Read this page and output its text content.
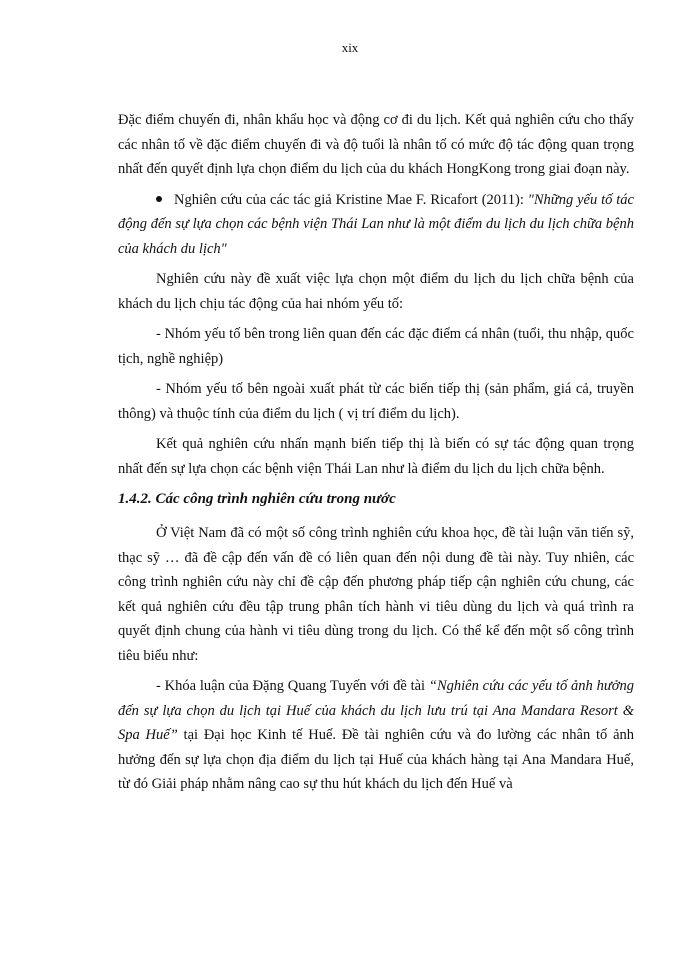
xix

Đặc điểm chuyến đi, nhân khẩu học và động cơ đi du lịch. Kết quả nghiên cứu cho thấy các nhân tố về đặc điểm chuyến đi và độ tuổi là nhân tố có mức độ tác động quan trọng nhất đến quyết định lựa chọn điểm du lịch của du khách HongKong trong giai đoạn này.

Nghiên cứu của các tác giả Kristine Mae F. Ricafort (2011): "Những yếu tố tác động đến sự lựa chọn các bệnh viện Thái Lan như là một điểm du lịch du lịch chữa bệnh của khách du lịch"

Nghiên cứu này đề xuất việc lựa chọn một điểm du lịch du lịch chữa bệnh của khách du lịch chịu tác động của hai nhóm yếu tố:

- Nhóm yếu tố bên trong liên quan đến các đặc điểm cá nhân (tuổi, thu nhập, quốc tịch, nghề nghiệp)

- Nhóm yếu tố bên ngoài xuất phát từ các biến tiếp thị (sản phẩm, giá cả, truyền thông) và thuộc tính của điểm du lịch ( vị trí điểm du lịch).

Kết quả nghiên cứu nhấn mạnh biến tiếp thị là biến có sự tác động quan trọng nhất đến sự lựa chọn các bệnh viện Thái Lan như là điểm du lịch du lịch chữa bệnh.

1.4.2. Các công trình nghiên cứu trong nước

Ở Việt Nam đã có một số công trình nghiên cứu khoa học, đề tài luận văn tiến sỹ, thạc sỹ … đã đề cập đến vấn đề có liên quan đến nội dung đề tài này. Tuy nhiên, các công trình nghiên cứu này chỉ đề cập đến phương pháp tiếp cận nghiên cứu chung, các kết quả nghiên cứu đều tập trung phân tích hành vi tiêu dùng du lịch và quá trình ra quyết định chung của hành vi tiêu dùng trong du lịch. Có thể kể đến một số công trình tiêu biểu như:

- Khóa luận của Đặng Quang Tuyến với đề tài “Nghiên cứu các yếu tố ảnh hưởng đến sự lựa chọn du lịch tại Huế của khách du lịch lưu trú tại Ana Mandara Resort & Spa Huế” tại Đại học Kinh tế Huế. Đề tài nghiên cứu và đo lường các nhân tố ảnh hưởng đến sự lựa chọn địa điểm du lịch tại Huế của khách hàng tại Ana Mandara Huế, từ đó Giải pháp nhằm nâng cao sự thu hút khách du lịch đến Huế và
